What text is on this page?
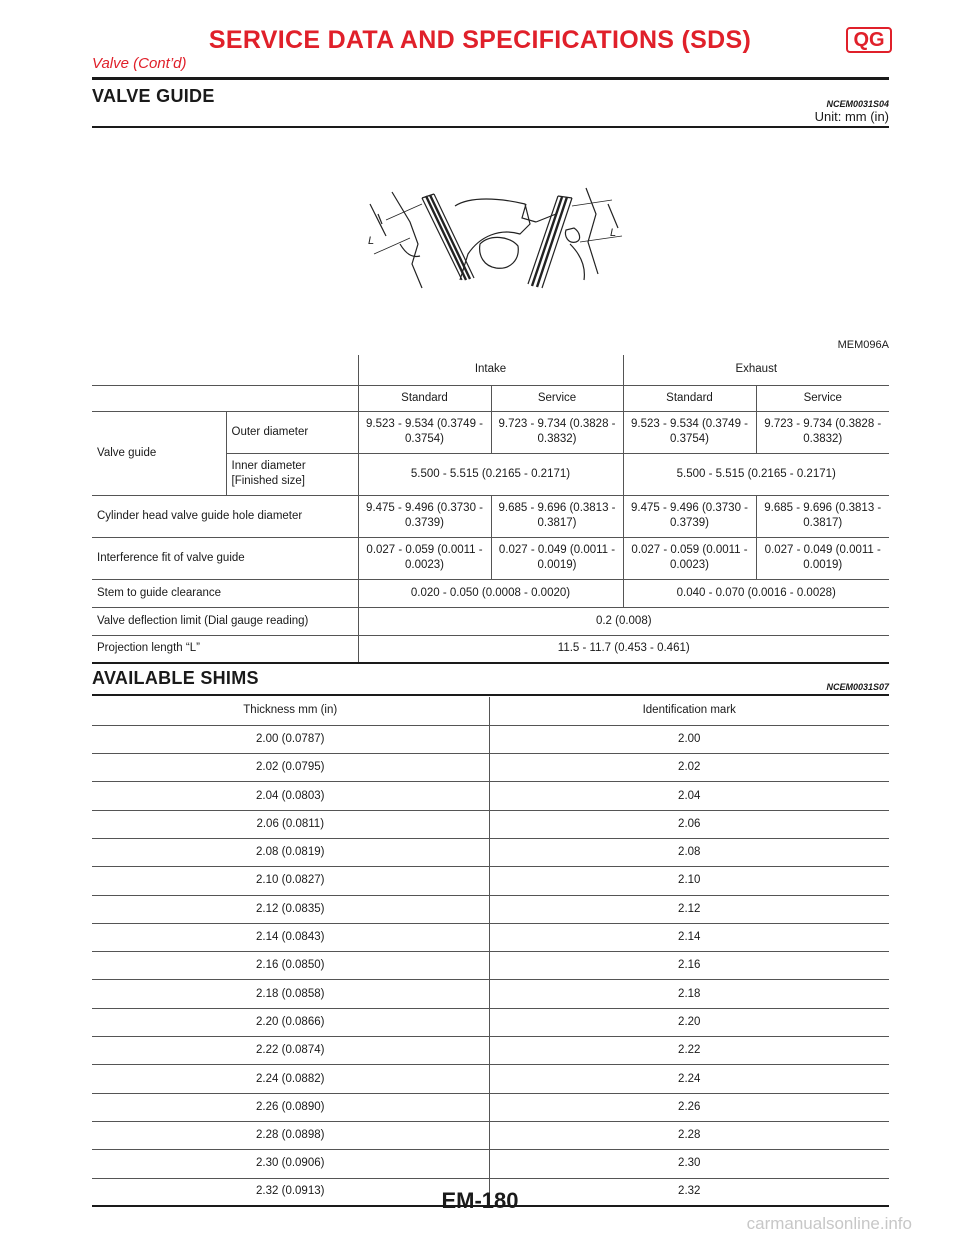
SERVICE DATA AND SPECIFICATIONS (SDS)	QG
Valve (Cont’d)
VALVE GUIDE	NCEM0031S04
Unit: mm (in)
L
L
MEM096A
		Intake		Exhaust	
		Standard	Service	Standard	Service
Valve guide	Outer diameter	9.523 - 9.534 (0.3749 - 0.3754)	9.723 - 9.734 (0.3828 - 0.3832)	9.523 - 9.534 (0.3749 - 0.3754)	9.723 - 9.734 (0.3828 - 0.3832)
	Inner diameter [Finished size]	5.500 - 5.515 (0.2165 - 0.2171)		5.500 - 5.515 (0.2165 - 0.2171)	
Cylinder head valve guide hole diameter		9.475 - 9.496 (0.3730 - 0.3739)	9.685 - 9.696 (0.3813 - 0.3817)	9.475 - 9.496 (0.3730 - 0.3739)	9.685 - 9.696 (0.3813 - 0.3817)
Interference fit of valve guide		0.027 - 0.059 (0.0011 - 0.0023)	0.027 - 0.049 (0.0011 - 0.0019)	0.027 - 0.059 (0.0011 - 0.0023)	0.027 - 0.049 (0.0011 - 0.0019)
Stem to guide clearance		0.020 - 0.050 (0.0008 - 0.0020)		0.040 - 0.070 (0.0016 - 0.0028)	
Valve deflection limit (Dial gauge reading)		0.2 (0.008)			
Projection length “L”		11.5 - 11.7 (0.453 - 0.461)			
AVAILABLE SHIMS	NCEM0031S07
Thickness mm (in)	Identification mark
2.00 (0.0787)	2.00
2.02 (0.0795)	2.02
2.04 (0.0803)	2.04
2.06 (0.0811)	2.06
2.08 (0.0819)	2.08
2.10 (0.0827)	2.10
2.12 (0.0835)	2.12
2.14 (0.0843)	2.14
2.16 (0.0850)	2.16
2.18 (0.0858)	2.18
2.20 (0.0866)	2.20
2.22 (0.0874)	2.22
2.24 (0.0882)	2.24
2.26 (0.0890)	2.26
2.28 (0.0898)	2.28
2.30 (0.0906)	2.30
2.32 (0.0913)	2.32
EM-180
carmanualsonline.info
